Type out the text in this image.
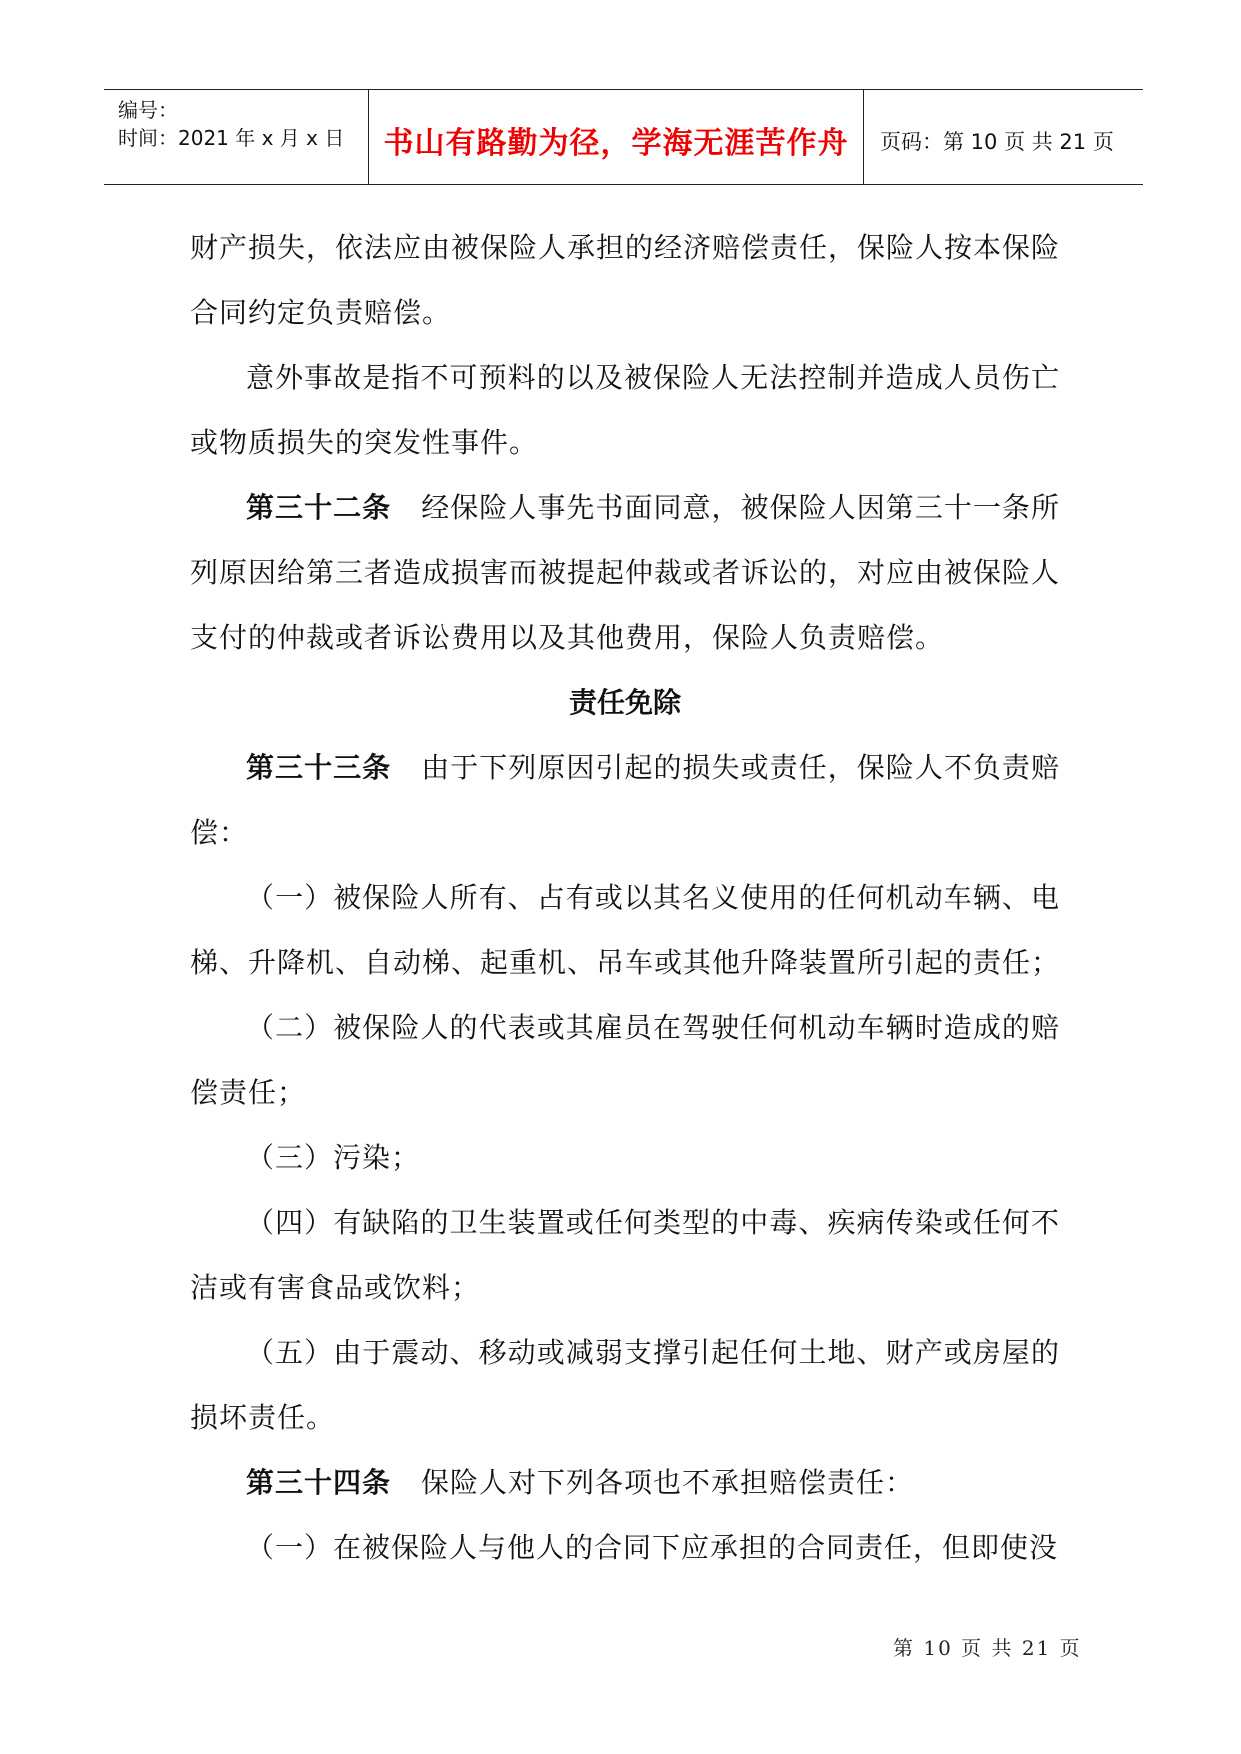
编号：
时间：2021 年 x 月 x 日	书山有路勤为径，学海无涯苦作舟	页码：第 10 页 共 21 页

财产损失，依法应由被保险人承担的经济赔偿责任，保险人按本保险合同约定负责赔偿。

意外事故是指不可预料的以及被保险人无法控制并造成人员伤亡或物质损失的突发性事件。

第三十二条 经保险人事先书面同意，被保险人因第三十一条所列原因给第三者造成损害而被提起仲裁或者诉讼的，对应由被保险人支付的仲裁或者诉讼费用以及其他费用，保险人负责赔偿。

责任免除

第三十三条 由于下列原因引起的损失或责任，保险人不负责赔偿：

（一）被保险人所有、占有或以其名义使用的任何机动车辆、电梯、升降机、自动梯、起重机、吊车或其他升降装置所引起的责任；

（二）被保险人的代表或其雇员在驾驶任何机动车辆时造成的赔偿责任；

（三）污染；

（四）有缺陷的卫生装置或任何类型的中毒、疾病传染或任何不洁或有害食品或饮料；

（五）由于震动、移动或减弱支撑引起任何土地、财产或房屋的损坏责任。

第三十四条 保险人对下列各项也不承担赔偿责任：

（一）在被保险人与他人的合同下应承担的合同责任，但即使没

第 10 页 共 21 页
